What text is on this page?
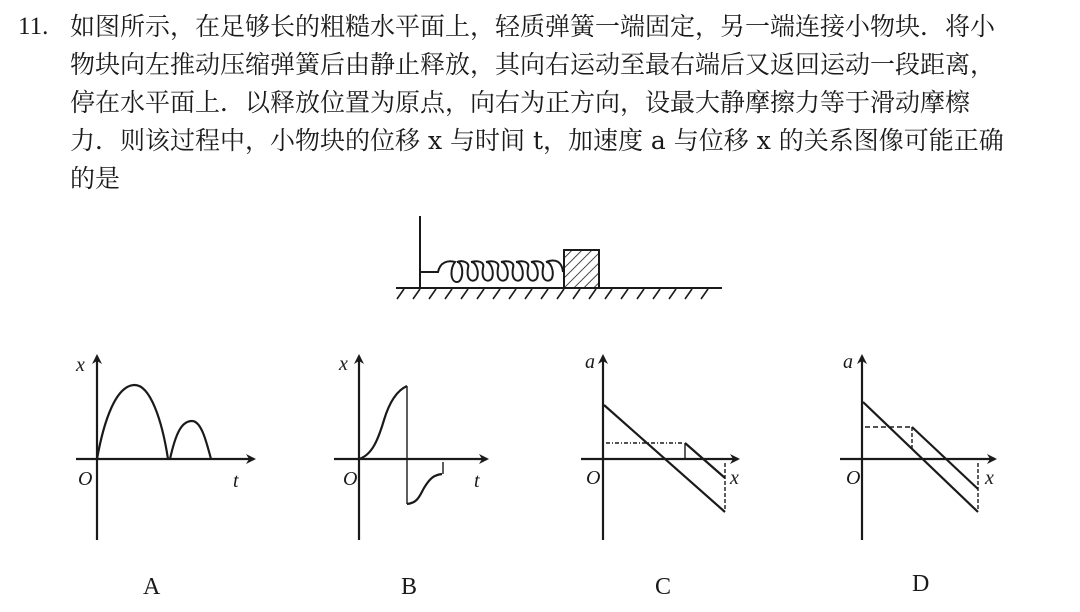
11. 如图所示，在足够长的粗糙水平面上，轻质弹簧一端固定，另一端连接小物块．将小
物块向左推动压缩弹簧后由静止释放，其向右运动至最右端后又返回运动一段距离，
停在水平面上．以释放位置为原点，向右为正方向，设最大静摩擦力等于滑动摩檫
力．则该过程中，小物块的位移 x 与时间 t，加速度 a 与位移 x 的关系图像可能正确
的是
x
O	t
x
O	t
a
O	x
a
O	x
A	B	C	D
